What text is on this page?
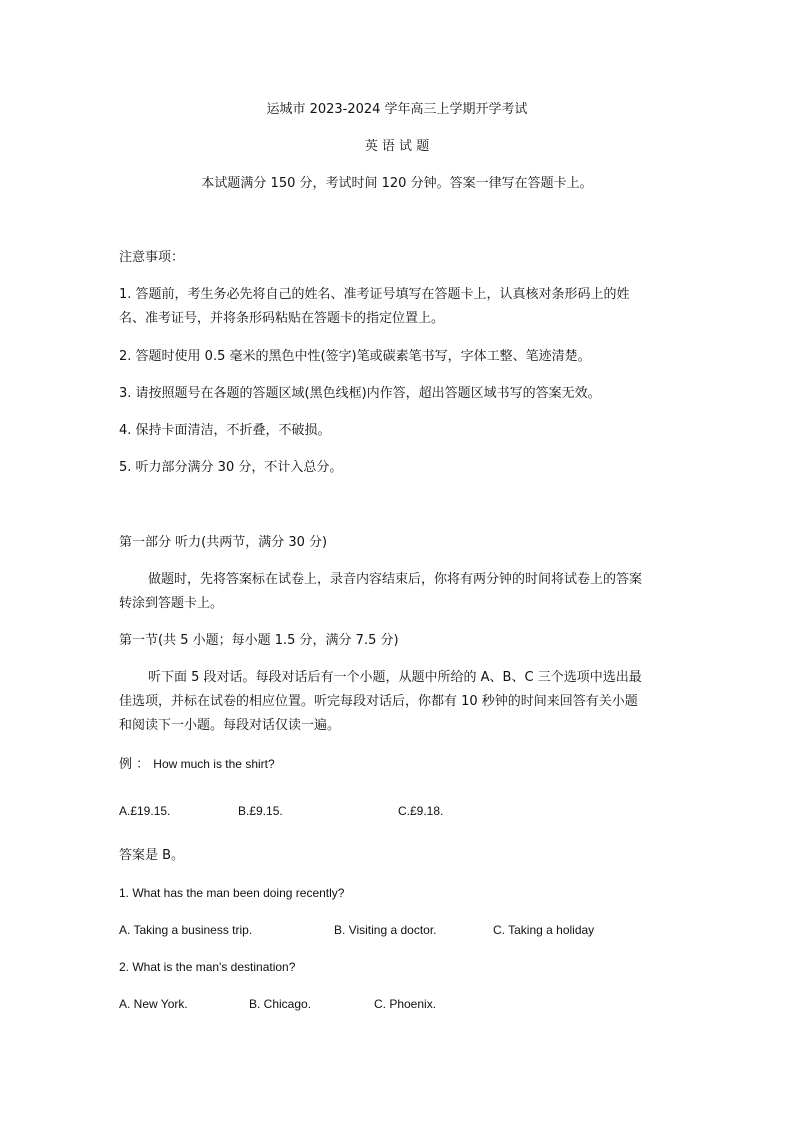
运城市 2023-2024 学年高三上学期开学考试
英 语 试 题
本试题满分 150 分，考试时间 120 分钟。答案一律写在答题卡上。
注意事项：
1. 答题前，考生务必先将自己的姓名、准考证号填写在答题卡上，认真核对条形码上的姓
名、准考证号，并将条形码粘贴在答题卡的指定位置上。
2. 答题时使用 0.5 毫米的黑色中性(签字)笔或碳素笔书写，字体工整、笔迹清楚。
3. 请按照题号在各题的答题区域(黑色线框)内作答，超出答题区域书写的答案无效。
4. 保持卡面清洁，不折叠，不破损。
5. 听力部分满分 30 分，不计入总分。
第一部分 听力(共两节，满分 30 分)
做题时，先将答案标在试卷上，录音内容结束后，你将有两分钟的时间将试卷上的答案
转涂到答题卡上。
第一节(共 5 小题；每小题 1.5 分，满分 7.5 分)
听下面 5 段对话。每段对话后有一个小题，从题中所给的 A、B、C 三个选项中选出最
佳选项，并标在试卷的相应位置。听完每段对话后，你都有 10 秒钟的时间来回答有关小题
和阅读下一小题。每段对话仅读一遍。
例 ： How much is the shirt?
A.£19.15.	B.£9.15.	C.£9.18.
答案是 B。
1. What has the man been doing recently?
A. Taking a business trip.	B. Visiting a doctor.	C. Taking a holiday
2. What is the man's destination?
A. New York.	B. Chicago.	C. Phoenix.
